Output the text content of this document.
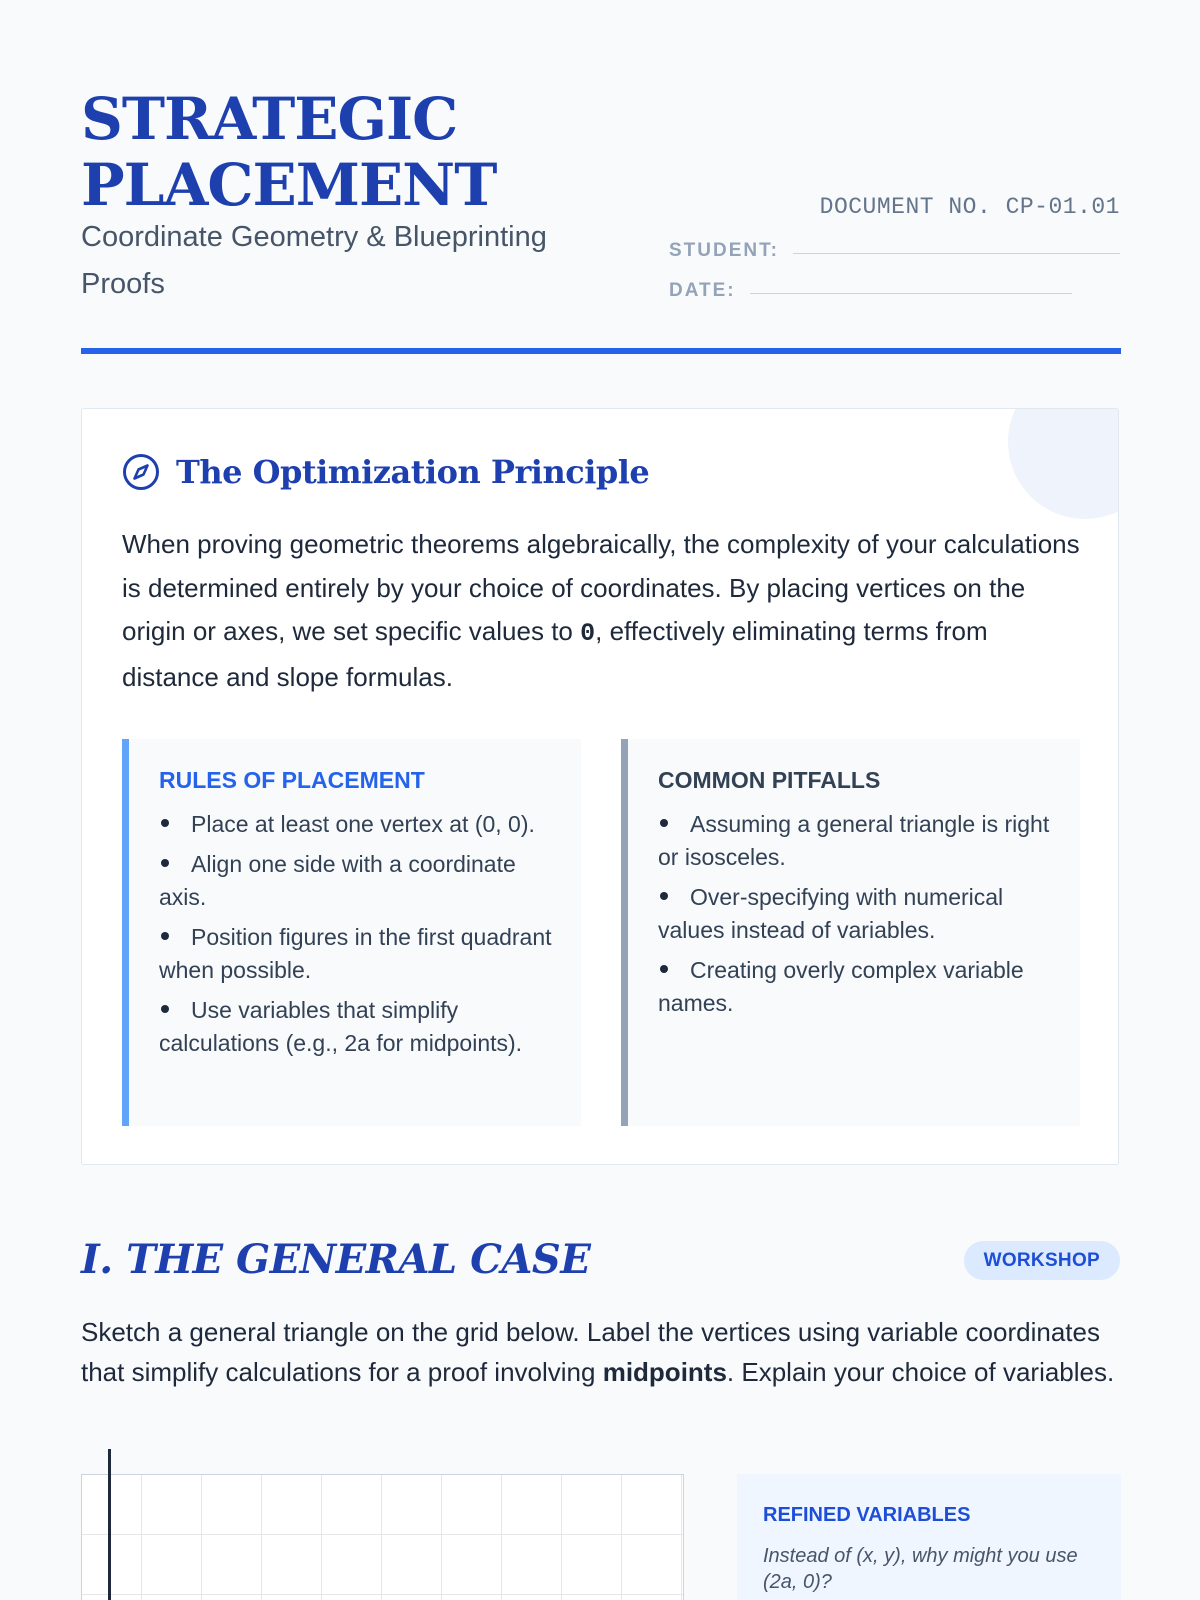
STRATEGIC
PLACEMENT
Coordinate Geometry & Blueprinting Proofs
DOCUMENT NO. CP-01.01
STUDENT:
DATE:
The Optimization Principle
When proving geometric theorems algebraically, the complexity of your calculations is determined entirely by your choice of coordinates. By placing vertices on the origin or axes, we set specific values to 0, effectively eliminating terms from distance and slope formulas.
RULES OF PLACEMENT
Place at least one vertex at (0, 0).
Align one side with a coordinate axis.
Position figures in the first quadrant when possible.
Use variables that simplify calculations (e.g., 2a for midpoints).
COMMON PITFALLS
Assuming a general triangle is right or isosceles.
Over-specifying with numerical values instead of variables.
Creating overly complex variable names.
I. THE GENERAL CASE	WORKSHOP
Sketch a general triangle on the grid below. Label the vertices using variable coordinates that simplify calculations for a proof involving midpoints. Explain your choice of variables.
REFINED VARIABLES
Instead of (x, y), why might you use (2a, 0)?
